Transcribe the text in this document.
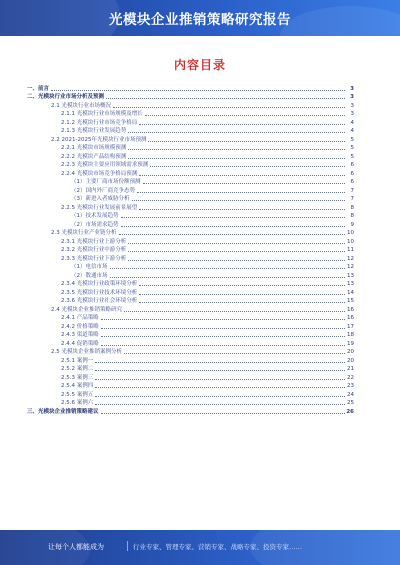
光模块企业推销策略研究报告
内容目录
一、前言	3
二、光模块行业市场分析及预测	3
2.1 光模块行业市场概况	3
2.1.1 光模块行业市场规模及增长	3
2.1.2 光模块行业市场竞争格局	4
2.1.3 光模块行业发展趋势	4
2.2 2021-2025年光模块行业市场预测	5
2.2.1 光模块市场规模预测	5
2.2.2 光模块产品结构预测	5
2.2.3 光模块主要应用领域需求预测	6
2.2.4 光模块市场竞争格局预测	6
（1）主要厂商市场份额预测	6
（2）国内外厂商竞争态势	7
（3）新进入者威胁分析	7
2.2.5 光模块行业发展前景展望	8
（1）技术发展趋势	8
（2）市场需求趋势	9
2.3 光模块行业产业链分析	10
2.3.1 光模块行业上游分析	10
2.3.2 光模块行业中游分析	11
2.3.3 光模块行业下游分析	12
（1）电信市场	12
（2）数通市场	13
2.3.4 光模块行业政策环境分析	13
2.3.5 光模块行业技术环境分析	14
2.3.6 光模块行业社会环境分析	15
2.4 光模块企业推销策略研究	16
2.4.1 产品策略	16
2.4.2 价格策略	17
2.4.3 渠道策略	18
2.4.4 促销策略	19
2.5 光模块企业推销案例分析	20
2.5.1 案例一	20
2.5.2 案例二	21
2.5.3 案例三	22
2.5.4 案例四	23
2.5.5 案例五	24
2.5.6 案例六	25
三、光模块企业推销策略建议	26
让每个人都能成为	行业专家、管理专家、营销专家、战略专家、投资专家……
